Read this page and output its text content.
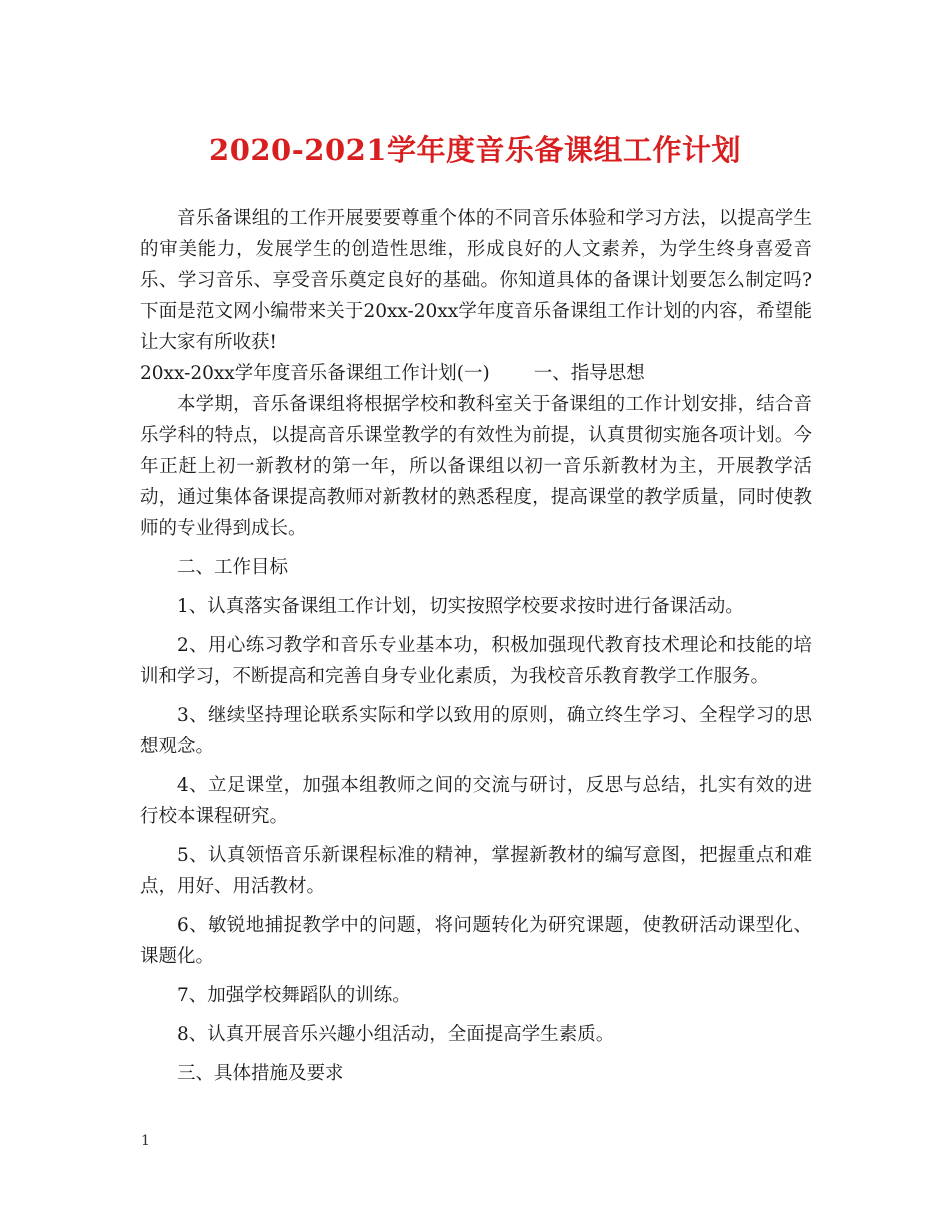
2020-2021学年度音乐备课组工作计划

音乐备课组的工作开展要要尊重个体的不同音乐体验和学习方法，以提高学生的审美能力，发展学生的创造性思维，形成良好的人文素养，为学生终身喜爱音乐、学习音乐、享受音乐奠定良好的基础。你知道具体的备课计划要怎么制定吗?下面是范文网小编带来关于20xx-20xx学年度音乐备课组工作计划的内容，希望能让大家有所收获!

20xx-20xx学年度音乐备课组工作计划(一) 一、指导思想

本学期，音乐备课组将根据学校和教科室关于备课组的工作计划安排，结合音乐学科的特点，以提高音乐课堂教学的有效性为前提，认真贯彻实施各项计划。今年正赶上初一新教材的第一年，所以备课组以初一音乐新教材为主，开展教学活动，通过集体备课提高教师对新教材的熟悉程度，提高课堂的教学质量，同时使教师的专业得到成长。

二、工作目标

1、认真落实备课组工作计划，切实按照学校要求按时进行备课活动。

2、用心练习教学和音乐专业基本功，积极加强现代教育技术理论和技能的培训和学习，不断提高和完善自身专业化素质，为我校音乐教育教学工作服务。

3、继续坚持理论联系实际和学以致用的原则，确立终生学习、全程学习的思想观念。

4、立足课堂，加强本组教师之间的交流与研讨，反思与总结，扎实有效的进行校本课程研究。

5、认真领悟音乐新课程标准的精神，掌握新教材的编写意图，把握重点和难点，用好、用活教材。

6、敏锐地捕捉教学中的问题，将问题转化为研究课题，使教研活动课型化、课题化。

7、加强学校舞蹈队的训练。

8、认真开展音乐兴趣小组活动，全面提高学生素质。

三、具体措施及要求

1
